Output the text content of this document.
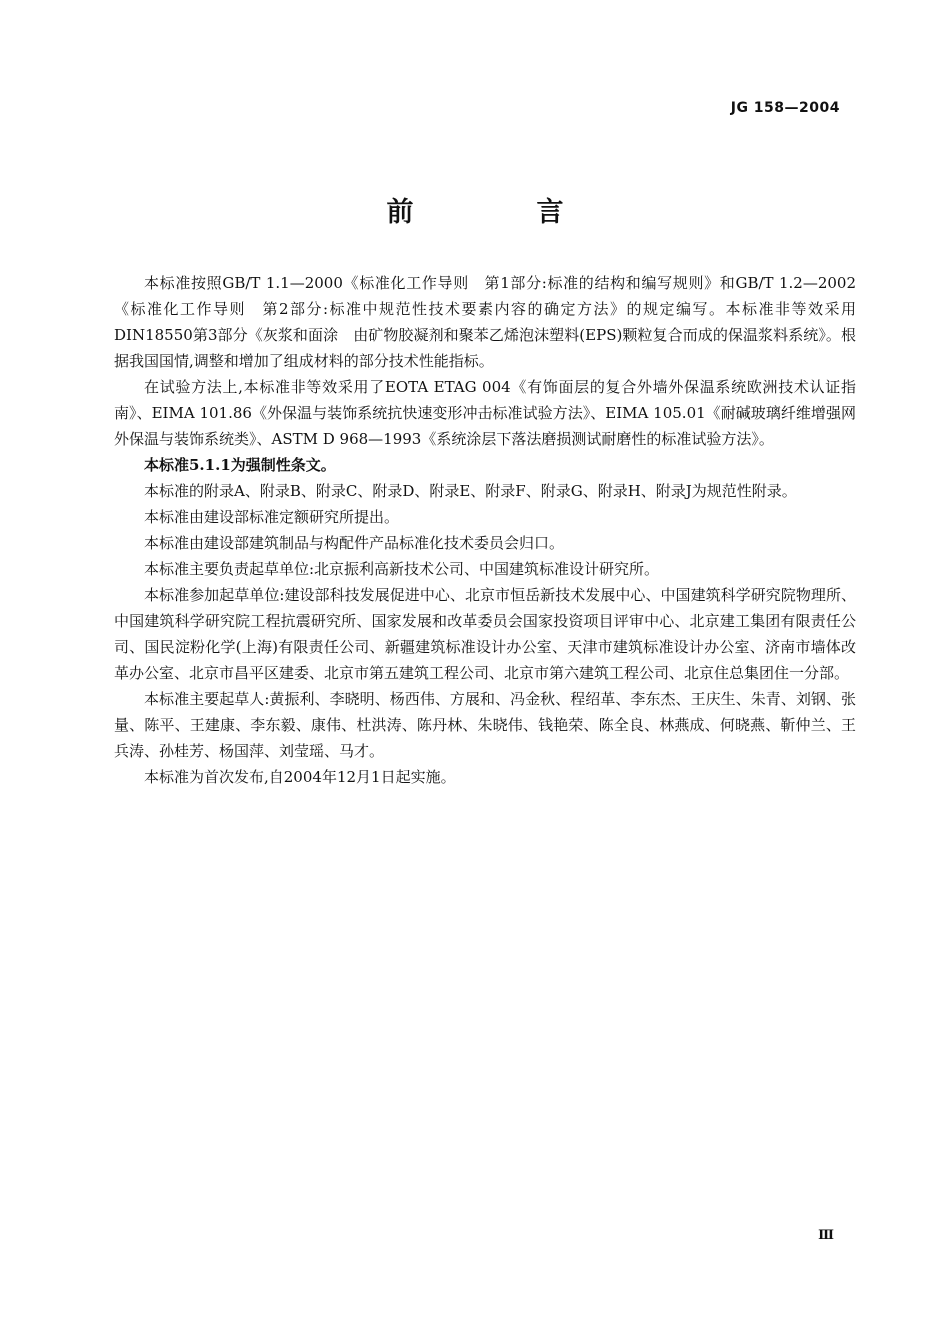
JG 158—2004
前　言

本标准按照GB/T 1.1—2000《标准化工作导则　第1部分:标准的结构和编写规则》和GB/T 1.2—2002《标准化工作导则　第2部分:标准中规范性技术要素内容的确定方法》的规定编写。本标准非等效采用DIN18550第3部分《灰浆和面涂　由矿物胶凝剂和聚苯乙烯泡沫塑料(EPS)颗粒复合而成的保温浆料系统》。根据我国国情,调整和增加了组成材料的部分技术性能指标。

在试验方法上,本标准非等效采用了EOTA ETAG 004《有饰面层的复合外墙外保温系统欧洲技术认证指南》、EIMA 101.86《外保温与装饰系统抗快速变形冲击标准试验方法》、EIMA 105.01《耐碱玻璃纤维增强网　外保温与装饰系统类》、ASTM D 968—1993《系统涂层下落法磨损测试耐磨性的标准试验方法》。

本标准5.1.1为强制性条文。

本标准的附录A、附录B、附录C、附录D、附录E、附录F、附录G、附录H、附录J为规范性附录。

本标准由建设部标准定额研究所提出。

本标准由建设部建筑制品与构配件产品标准化技术委员会归口。

本标准主要负责起草单位:北京振利高新技术公司、中国建筑标准设计研究所。

本标准参加起草单位:建设部科技发展促进中心、北京市恒岳新技术发展中心、中国建筑科学研究院物理所、中国建筑科学研究院工程抗震研究所、国家发展和改革委员会国家投资项目评审中心、北京建工集团有限责任公司、国民淀粉化学(上海)有限责任公司、新疆建筑标准设计办公室、天津市建筑标准设计办公室、济南市墙体改革办公室、北京市昌平区建委、北京市第五建筑工程公司、北京市第六建筑工程公司、北京住总集团住一分部。

本标准主要起草人:黄振利、李晓明、杨西伟、方展和、冯金秋、程绍革、李东杰、王庆生、朱青、刘钢、张量、陈平、王建康、李东毅、康伟、杜洪涛、陈丹林、朱晓伟、钱艳荣、陈全良、林燕成、何晓燕、靳仲兰、王兵涛、孙桂芳、杨国萍、刘莹瑶、马才。

本标准为首次发布,自2004年12月1日起实施。

Ⅲ
